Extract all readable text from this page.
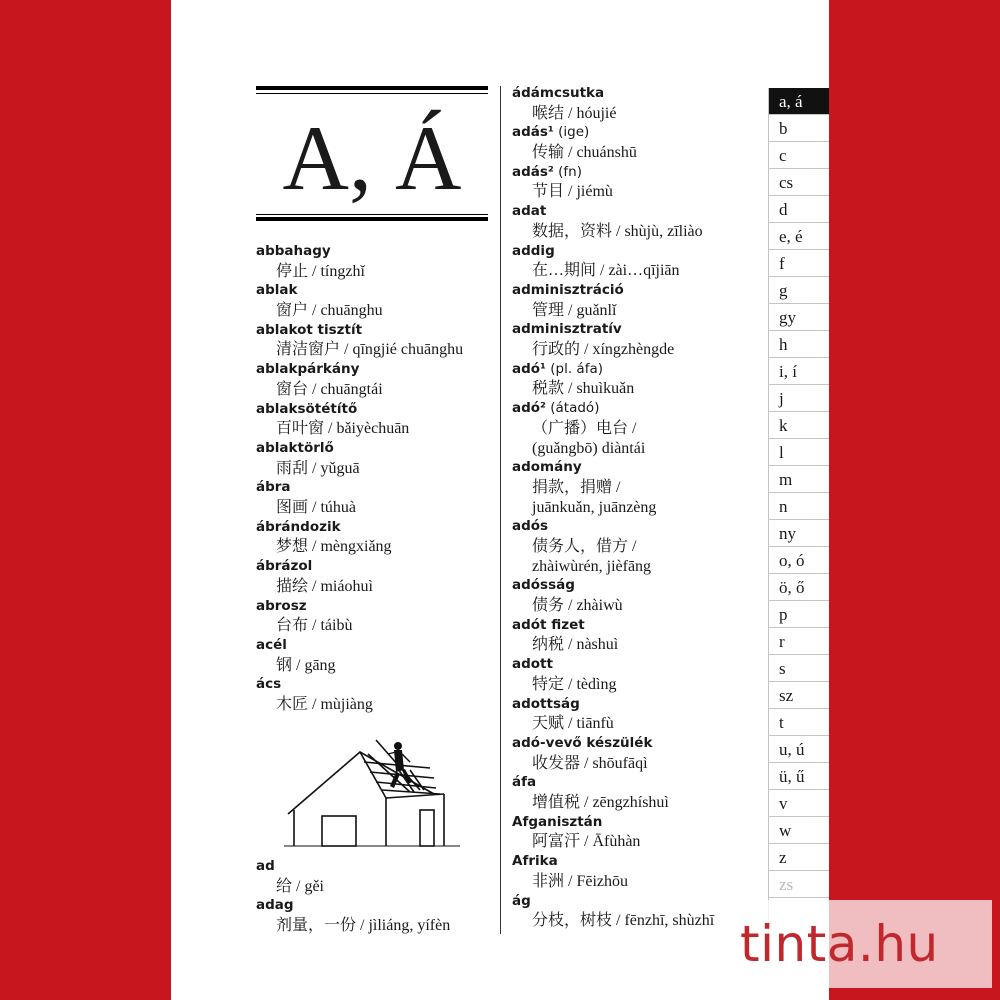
A, Á
abbahagy
停止 / tíngzhǐ
ablak
窗户 / chuānghu
ablakot tisztít
清洁窗户 / qīngjié chuānghu
ablakpárkány
窗台 / chuāngtái
ablaksötétítő
百叶窗 / bǎiyèchuān
ablaktörlő
雨刮 / yǔguā
ábra
图画 / túhuà
ábrándozik
梦想 / mèngxiǎng
ábrázol
描绘 / miáohuì
abrosz
台布 / táibù
acél
钢 / gāng
ács
木匠 / mùjiàng
ad
给 / gěi
adag
剂量，一份 / jìliáng, yífèn
ádámcsutka
喉结 / hóujié
adás¹ (ige)
传输 / chuánshū
adás² (fn)
节目 / jiémù
adat
数据，资料 / shùjù, zīliào
addig
在…期间 / zài…qījiān
adminisztráció
管理 / guǎnlǐ
adminisztratív
行政的 / xíngzhèngde
adó¹ (pl. áfa)
税款 / shuìkuǎn
adó² (átadó)
（广播）电台 /
(guǎngbō) diàntái
adomány
捐款，捐赠 /
juānkuǎn, juānzèng
adós
债务人，借方 /
zhàiwùrén, jièfāng
adósság
债务 / zhàiwù
adót fizet
纳税 / nàshuì
adott
特定 / tèdìng
adottság
天赋 / tiānfù
adó-vevő készülék
收发器 / shōufāqì
áfa
增值税 / zēngzhíshuì
Afganisztán
阿富汗 / Āfùhàn
Afrika
非洲 / Fēizhōu
ág
分枝，树枝 / fēnzhī, shùzhī
a, á
b
c
cs
d
e, é
f
g
gy
h
i, í
j
k
l
m
n
ny
o, ó
ö, ő
p
r
s
sz
t
u, ú
ü, ű
v
w
z
zs
tinta.hu
